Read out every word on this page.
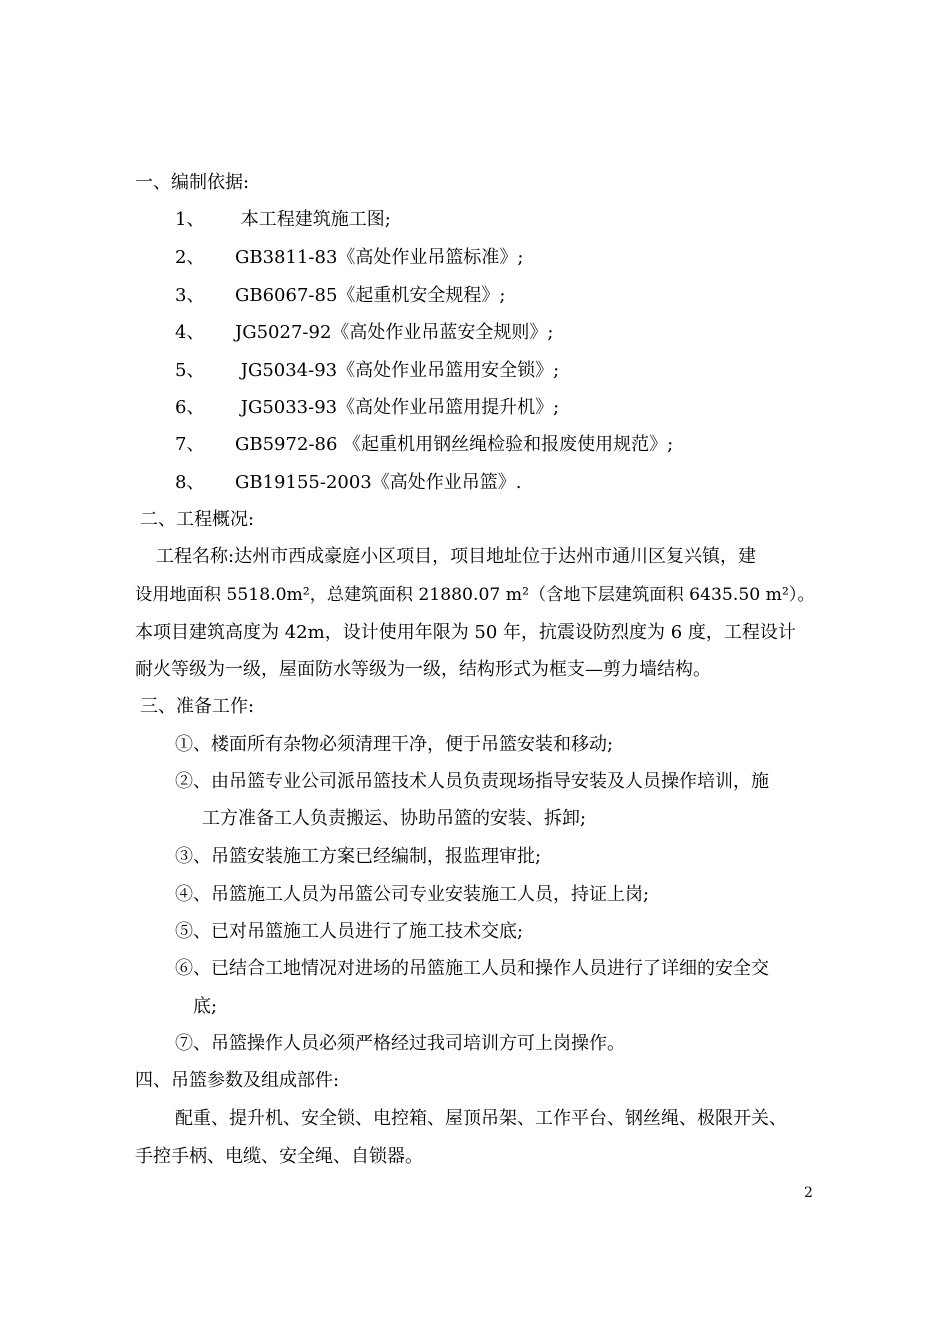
一、编制依据:
1、 本工程建筑施工图;
2、 GB3811-83《高处作业吊篮标准》;
3、 GB6067-85《起重机安全规程》;
4、 JG5027-92《高处作业吊蓝安全规则》;
5、 JG5034-93《高处作业吊篮用安全锁》;
6、 JG5033-93《高处作业吊篮用提升机》;
7、 GB5972-86 《起重机用钢丝绳检验和报废使用规范》;
8、 GB19155-2003《高处作业吊篮》.
二、工程概况:
工程名称:达州市西成豪庭小区项目，项目地址位于达州市通川区复兴镇，建
设用地面积 5518.0m²，总建筑面积 21880.07 m²（含地下层建筑面积 6435.50 m²）。
本项目建筑高度为 42m，设计使用年限为 50 年，抗震设防烈度为 6 度，工程设计
耐火等级为一级，屋面防水等级为一级，结构形式为框支—剪力墙结构。
三、准备工作:
①、楼面所有杂物必须清理干净，便于吊篮安装和移动;
②、由吊篮专业公司派吊篮技术人员负责现场指导安装及人员操作培训，施
工方准备工人负责搬运、协助吊篮的安装、拆卸;
③、吊篮安装施工方案已经编制，报监理审批;
④、吊篮施工人员为吊篮公司专业安装施工人员，持证上岗;
⑤、已对吊篮施工人员进行了施工技术交底;
⑥、已结合工地情况对进场的吊篮施工人员和操作人员进行了详细的安全交
底;
⑦、吊篮操作人员必须严格经过我司培训方可上岗操作。
四、吊篮参数及组成部件:
配重、提升机、安全锁、电控箱、屋顶吊架、工作平台、钢丝绳、极限开关、
手控手柄、电缆、安全绳、自锁器。
2
